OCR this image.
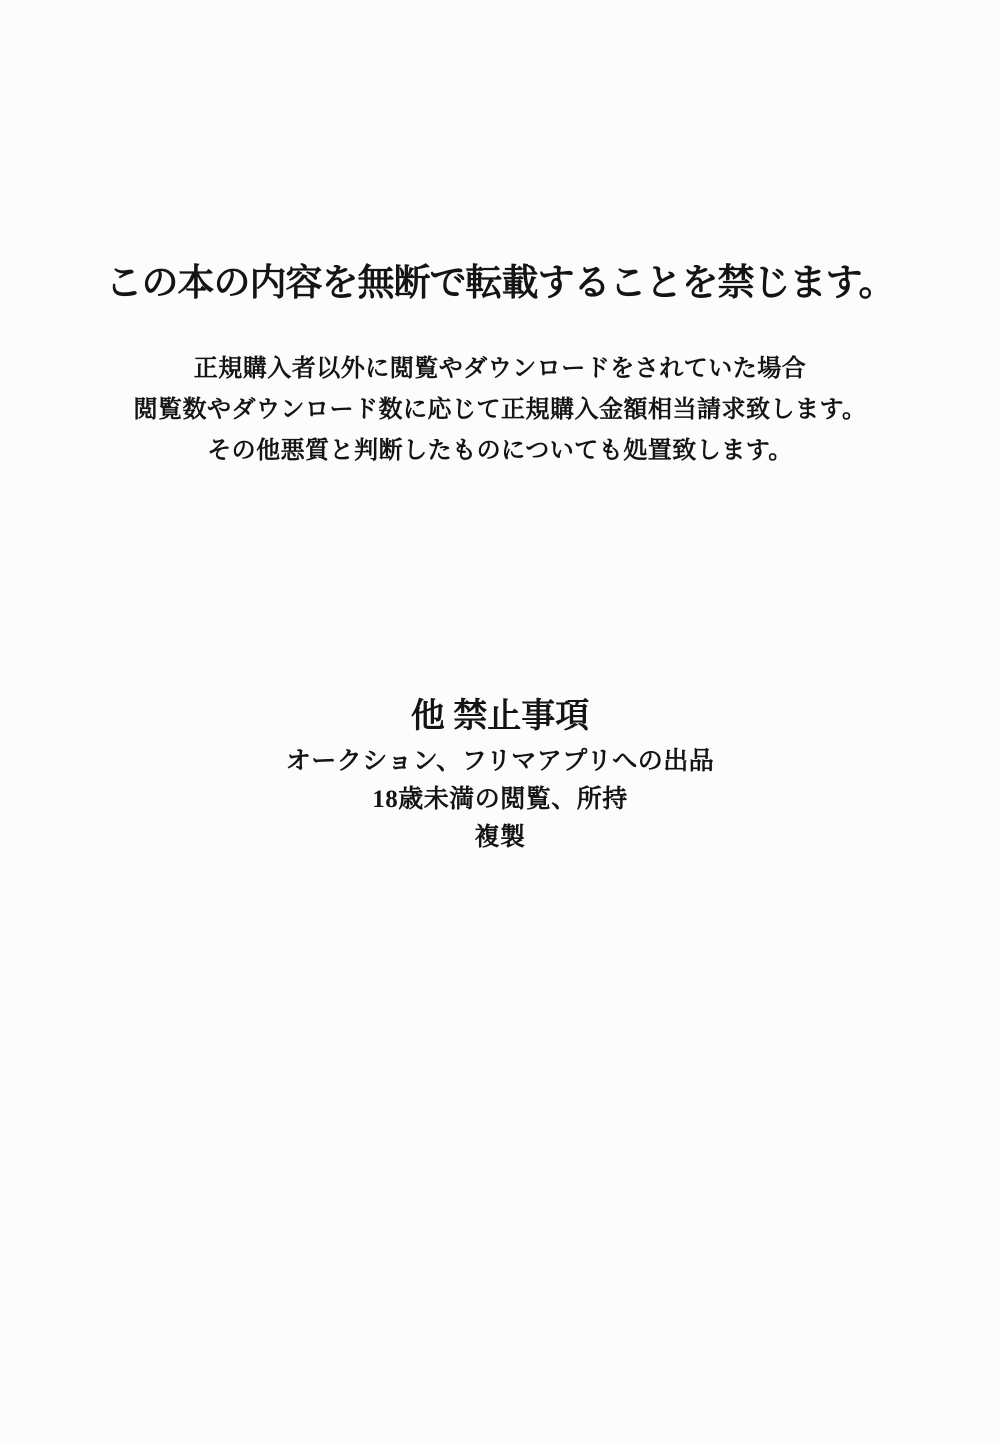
この本の内容を無断で転載することを禁じます。
正規購入者以外に閲覧やダウンロードをされていた場合
閲覧数やダウンロード数に応じて正規購入金額相当請求致します。
その他悪質と判断したものについても処置致します。
他 禁止事項
オークション、フリマアプリへの出品
18歳未満の閲覧、所持
複製
